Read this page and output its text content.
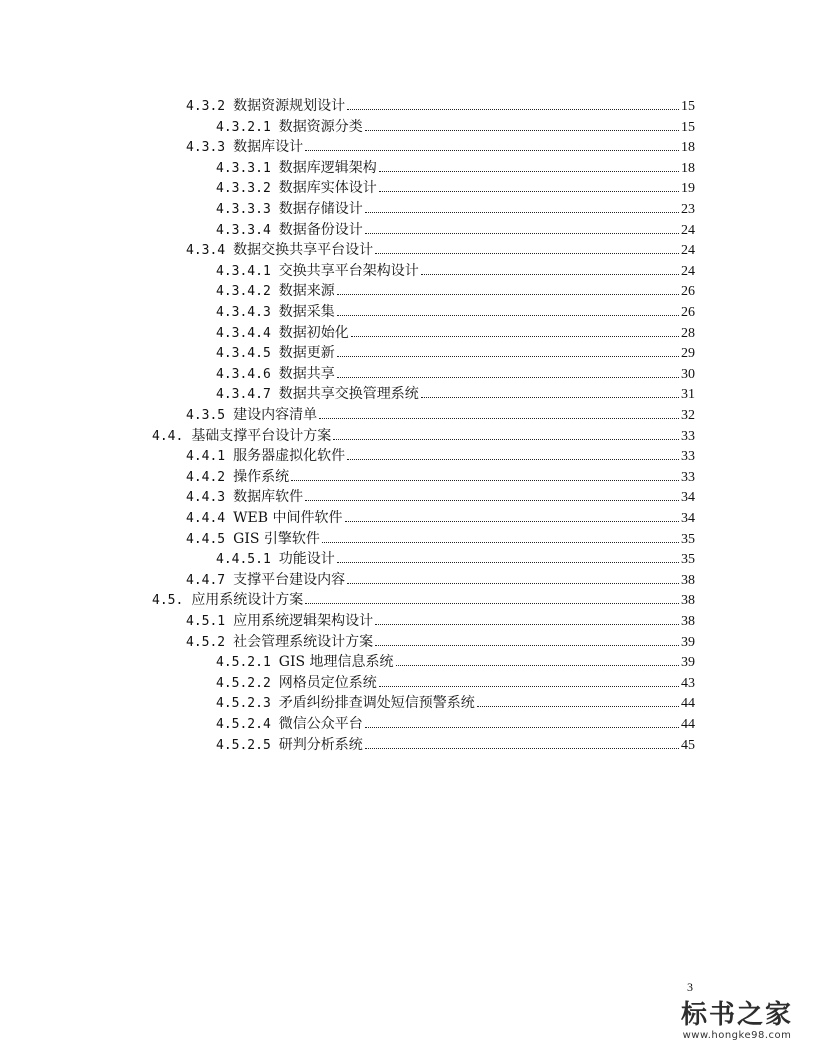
4.3.2 数据资源规划设计	15
4.3.2.1 数据资源分类	15
4.3.3 数据库设计	18
4.3.3.1 数据库逻辑架构	18
4.3.3.2 数据库实体设计	19
4.3.3.3 数据存储设计	23
4.3.3.4 数据备份设计	24
4.3.4 数据交换共享平台设计	24
4.3.4.1 交换共享平台架构设计	24
4.3.4.2 数据来源	26
4.3.4.3 数据采集	26
4.3.4.4 数据初始化	28
4.3.4.5 数据更新	29
4.3.4.6 数据共享	30
4.3.4.7 数据共享交换管理系统	31
4.3.5 建设内容清单	32
4.4. 基础支撑平台设计方案	33
4.4.1 服务器虚拟化软件	33
4.4.2 操作系统	33
4.4.3 数据库软件	34
4.4.4 WEB 中间件软件	34
4.4.5 GIS 引擎软件	35
4.4.5.1 功能设计	35
4.4.7 支撑平台建设内容	38
4.5. 应用系统设计方案	38
4.5.1 应用系统逻辑架构设计	38
4.5.2 社会管理系统设计方案	39
4.5.2.1 GIS 地理信息系统	39
4.5.2.2 网格员定位系统	43
4.5.2.3 矛盾纠纷排查调处短信预警系统	44
4.5.2.4 微信公众平台	44
4.5.2.5 研判分析系统	45
3
标书之家
www.hongke98.com
